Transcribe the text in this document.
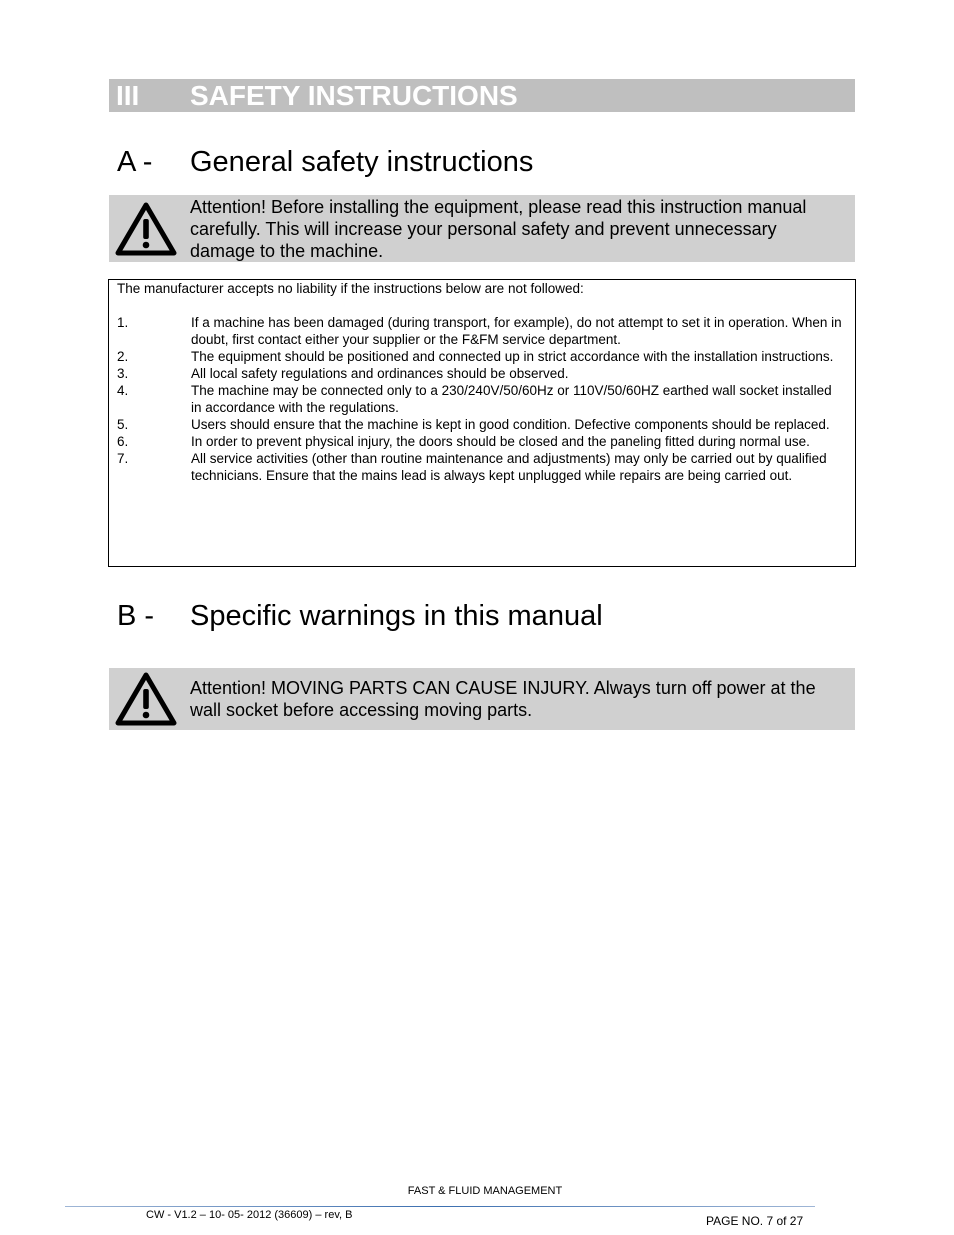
III SAFETY INSTRUCTIONS
A - General safety instructions
Attention! Before installing the equipment, please read this instruction manual carefully. This will increase your personal safety and prevent unnecessary damage to the machine.
The manufacturer accepts no liability if the instructions below are not followed:
1.	If a machine has been damaged (during transport, for example), do not attempt to set it in operation. When in doubt, first contact either your supplier or the F&FM service department.
2.	The equipment should be positioned and connected up in strict accordance with the installation instructions.
3.	All local safety regulations and ordinances should be observed.
4.	The machine may be connected only to a 230/240V/50/60Hz or 110V/50/60HZ earthed wall socket installed in accordance with the regulations.
5.	Users should ensure that the machine is kept in good condition. Defective components should be replaced.
6.	In order to prevent physical injury, the doors should be closed and the paneling fitted during normal use.
7.	All service activities (other than routine maintenance and adjustments) may only be carried out by qualified technicians. Ensure that the mains lead is always kept unplugged while repairs are being carried out.
B - Specific warnings in this manual
Attention! MOVING PARTS CAN CAUSE INJURY. Always turn off power at the wall socket before accessing moving parts.
FAST & FLUID MANAGEMENT
CW - V1.2 – 10- 05- 2012 (36609) – rev, B	PAGE NO. 7 of 27
